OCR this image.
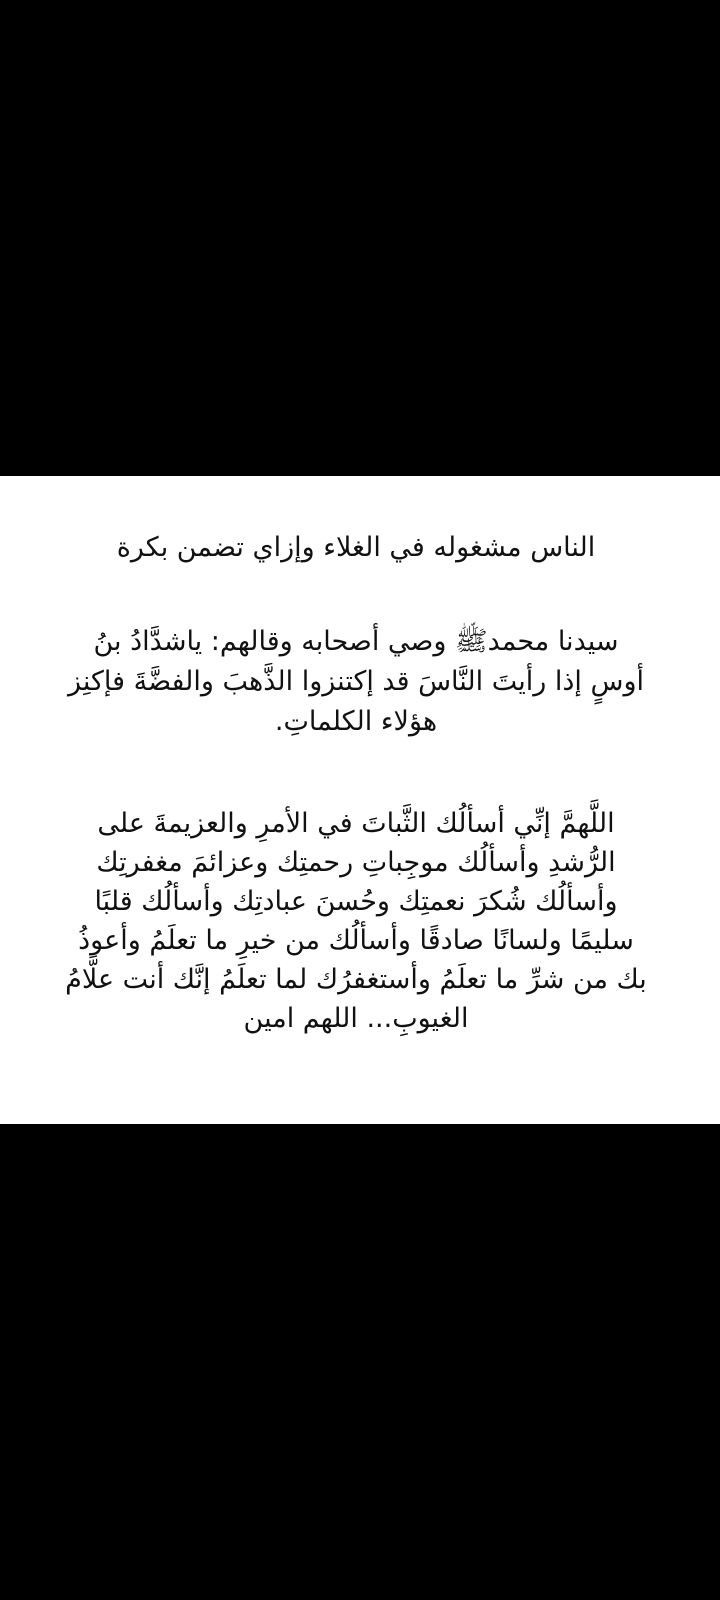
الناس مشغوله في الغلاء وإزاي تضمن بكرة
سيدنا محمدﷺ وصي أصحابه وقالهم: ياشدَّادُ بنُ
أوسٍ إذا رأيتَ النَّاسَ قد إكتنزوا الذَّهبَ والفضَّةَ فإكنِز
هؤلاء الكلماتِ.
اللَّهمَّ إنِّي أسألُك الثَّباتَ في الأمرِ والعزيمةَ على
الرُّشدِ وأسألُك موجِباتِ رحمتِك وعزائمَ مغفرتِك
وأسألُك شُكرَ نعمتِك وحُسنَ عبادتِك وأسألُك قلبًا
سليمًا ولسانًا صادقًا وأسألُك من خيرِ ما تعلَمُ وأعوذُ
بك من شرِّ ما تعلَمُ وأستغفرُك لما تعلَمُ إنَّك أنت علَّامُ
الغيوبِ... اللهم امين
